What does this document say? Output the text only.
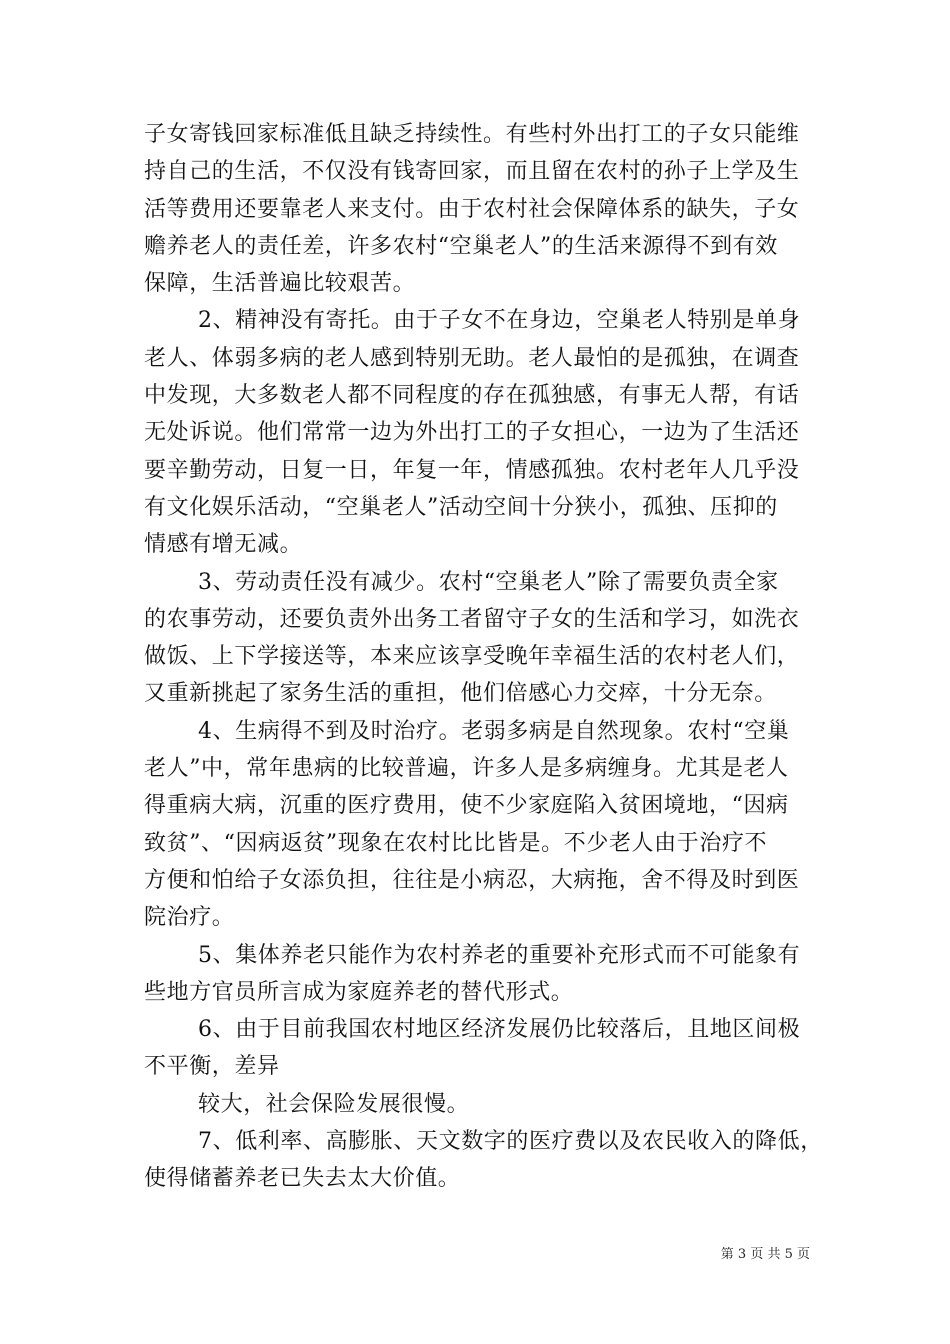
子女寄钱回家标准低且缺乏持续性。有些村外出打工的子女只能维
持自己的生活，不仅没有钱寄回家，而且留在农村的孙子上学及生
活等费用还要靠老人来支付。由于农村社会保障体系的缺失，子女
赡养老人的责任差，许多农村“空巢老人”的生活来源得不到有效
保障，生活普遍比较艰苦。
2、精神没有寄托。由于子女不在身边，空巢老人特别是单身
老人、体弱多病的老人感到特别无助。老人最怕的是孤独，在调查
中发现，大多数老人都不同程度的存在孤独感，有事无人帮，有话
无处诉说。他们常常一边为外出打工的子女担心，一边为了生活还
要辛勤劳动，日复一日，年复一年，情感孤独。农村老年人几乎没
有文化娱乐活动，“空巢老人”活动空间十分狭小，孤独、压抑的
情感有增无减。
3、劳动责任没有减少。农村“空巢老人”除了需要负责全家
的农事劳动，还要负责外出务工者留守子女的生活和学习，如洗衣
做饭、上下学接送等，本来应该享受晚年幸福生活的农村老人们，
又重新挑起了家务生活的重担，他们倍感心力交瘁，十分无奈。
4、生病得不到及时治疗。老弱多病是自然现象。农村“空巢
老人”中，常年患病的比较普遍，许多人是多病缠身。尤其是老人
得重病大病，沉重的医疗费用，使不少家庭陷入贫困境地，“因病
致贫”、“因病返贫”现象在农村比比皆是。不少老人由于治疗不
方便和怕给子女添负担，往往是小病忍，大病拖，舍不得及时到医
院治疗。
5、集体养老只能作为农村养老的重要补充形式而不可能象有
些地方官员所言成为家庭养老的替代形式。
6、由于目前我国农村地区经济发展仍比较落后，且地区间极
不平衡，差异
较大，社会保险发展很慢。
7、低利率、高膨胀、天文数字的医疗费以及农民收入的降低，
使得储蓄养老已失去太大价值。
第 3 页 共 5 页
